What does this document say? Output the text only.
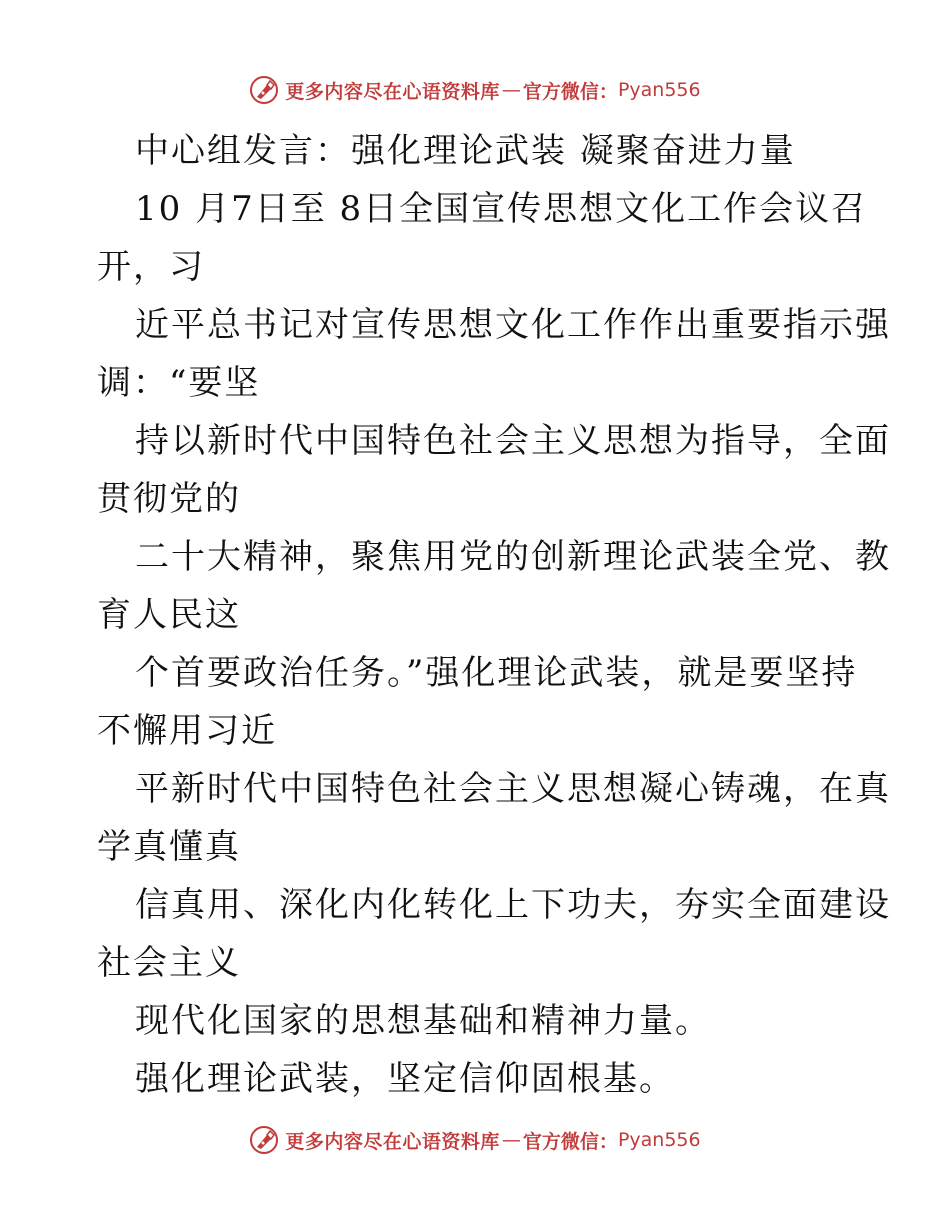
更多内容尽在心语资料库 — 官方微信： Pyan556
中心组发言：强化理论武装 凝聚奋进力量
10 月7日至 8日全国宣传思想文化工作会议召
开，习
近平总书记对宣传思想文化工作作出重要指示强
调：“要坚
持以新时代中国特色社会主义思想为指导，全面
贯彻党的
二十大精神，聚焦用党的创新理论武装全党、教
育人民这
个首要政治任务。”强化理论武装，就是要坚持
不懈用习近
平新时代中国特色社会主义思想凝心铸魂，在真
学真懂真
信真用、深化内化转化上下功夫，夯实全面建设
社会主义
现代化国家的思想基础和精神力量。
强化理论武装，坚定信仰固根基。
更多内容尽在心语资料库 — 官方微信： Pyan556
